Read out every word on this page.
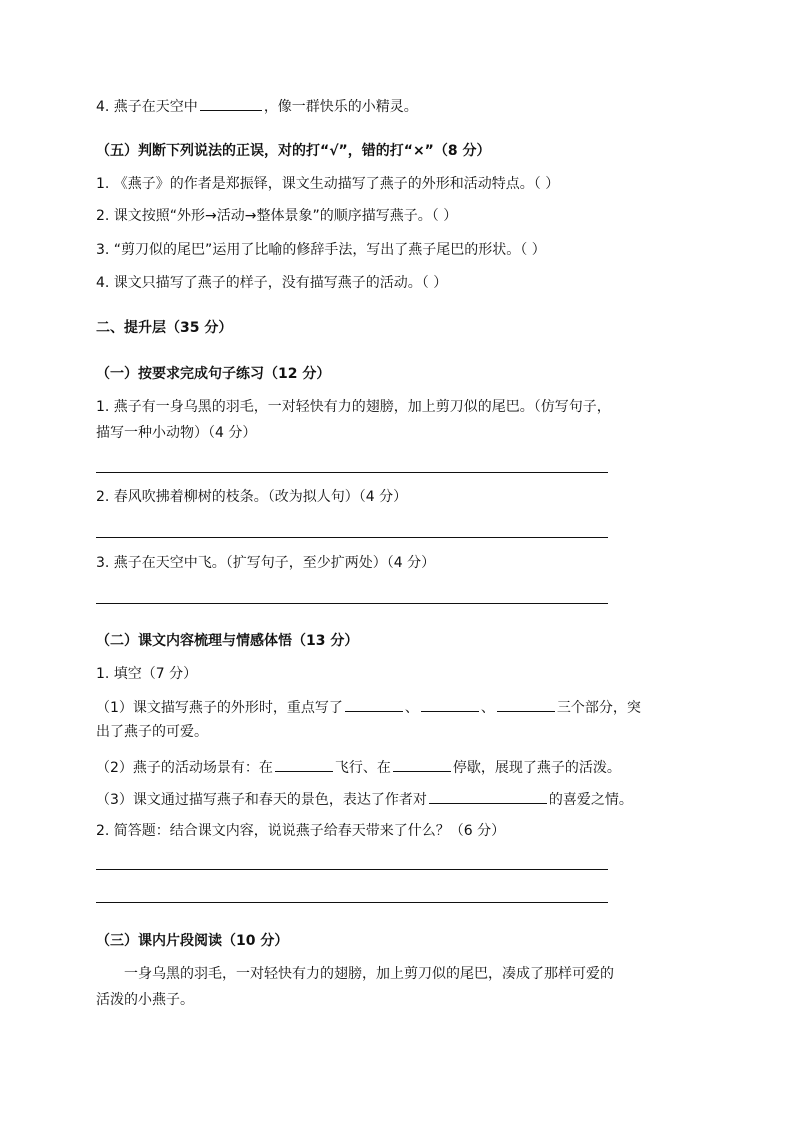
4. 燕子在天空中	，像一群快乐的小精灵。
（五）判断下列说法的正误，对的打“√”，错的打“×”（8 分）
1. 《燕子》的作者是郑振铎，课文生动描写了燕子的外形和活动特点。（ ）
2. 课文按照“外形→活动→整体景象”的顺序描写燕子。（ ）
3. “剪刀似的尾巴”运用了比喻的修辞手法，写出了燕子尾巴的形状。（ ）
4. 课文只描写了燕子的样子，没有描写燕子的活动。（ ）
二、提升层（35 分）
（一）按要求完成句子练习（12 分）
1. 燕子有一身乌黑的羽毛，一对轻快有力的翅膀，加上剪刀似的尾巴。（仿写句子，
描写一种小动物）（4 分）
2. 春风吹拂着柳树的枝条。（改为拟人句）（4 分）
3. 燕子在天空中飞。（扩写句子，至少扩两处）（4 分）
（二）课文内容梳理与情感体悟（13 分）
1. 填空（7 分）
（1）课文描写燕子的外形时，重点写了	、	、	三个部分，突
出了燕子的可爱。
（2）燕子的活动场景有：在	飞行、在	停歇，展现了燕子的活泼。
（3）课文通过描写燕子和春天的景色，表达了作者对	的喜爱之情。
2. 简答题：结合课文内容，说说燕子给春天带来了什么？（6 分）
（三）课内片段阅读（10 分）
一身乌黑的羽毛，一对轻快有力的翅膀，加上剪刀似的尾巴，凑成了那样可爱的
活泼的小燕子。
